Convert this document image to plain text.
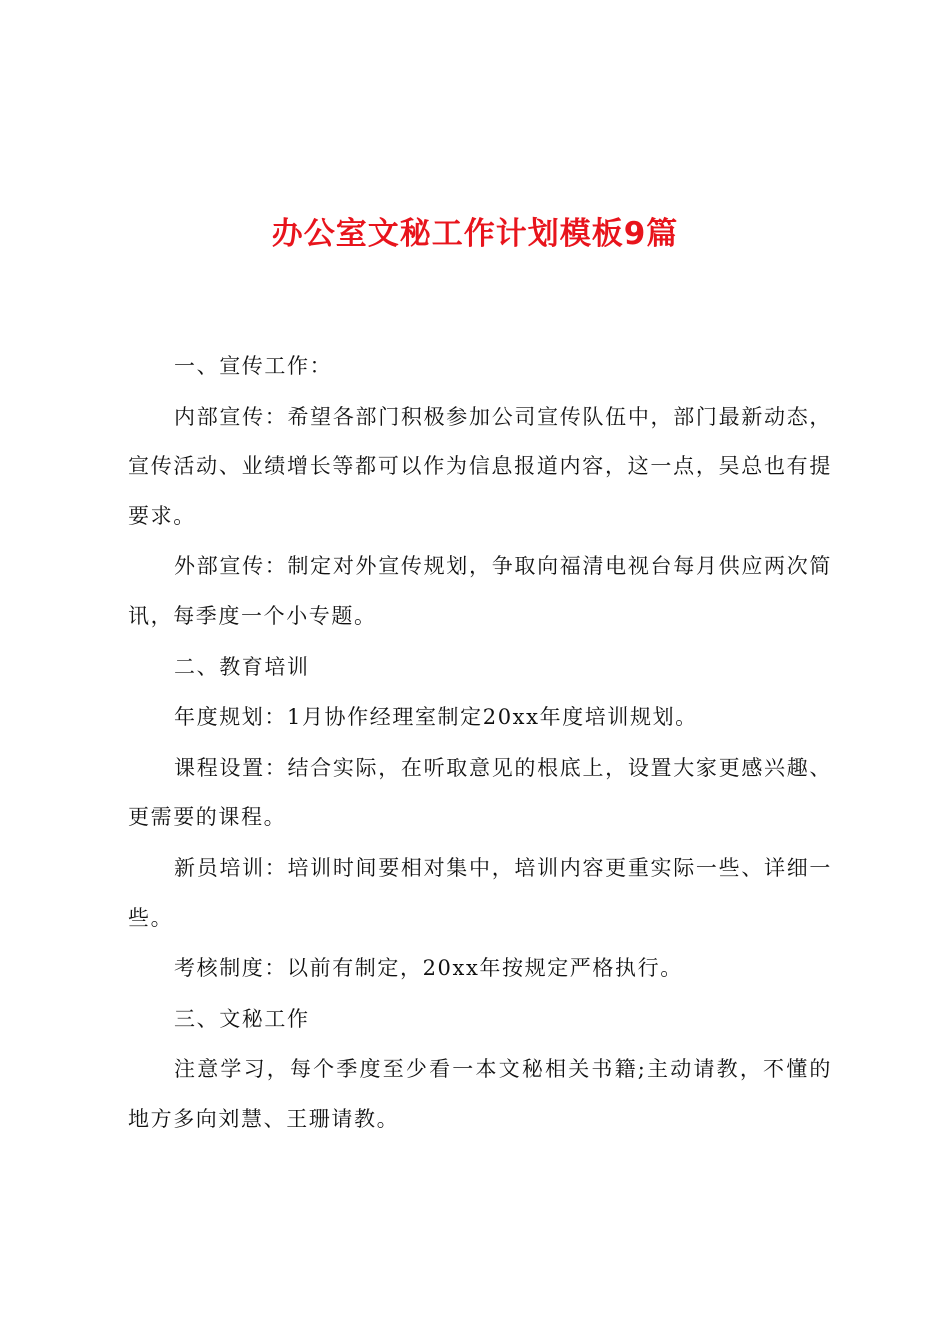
办公室文秘工作计划模板9篇

一、宣传工作：

内部宣传：希望各部门积极参加公司宣传队伍中，部门最新动态，宣传活动、业绩增长等都可以作为信息报道内容，这一点，吴总也有提要求。

外部宣传：制定对外宣传规划，争取向福清电视台每月供应两次简讯，每季度一个小专题。

二、教育培训

年度规划：1月协作经理室制定20xx年度培训规划。

课程设置：结合实际，在听取意见的根底上，设置大家更感兴趣、更需要的课程。

新员培训：培训时间要相对集中，培训内容更重实际一些、详细一些。

考核制度：以前有制定，20xx年按规定严格执行。

三、文秘工作

注意学习，每个季度至少看一本文秘相关书籍;主动请教，不懂的地方多向刘慧、王珊请教。
